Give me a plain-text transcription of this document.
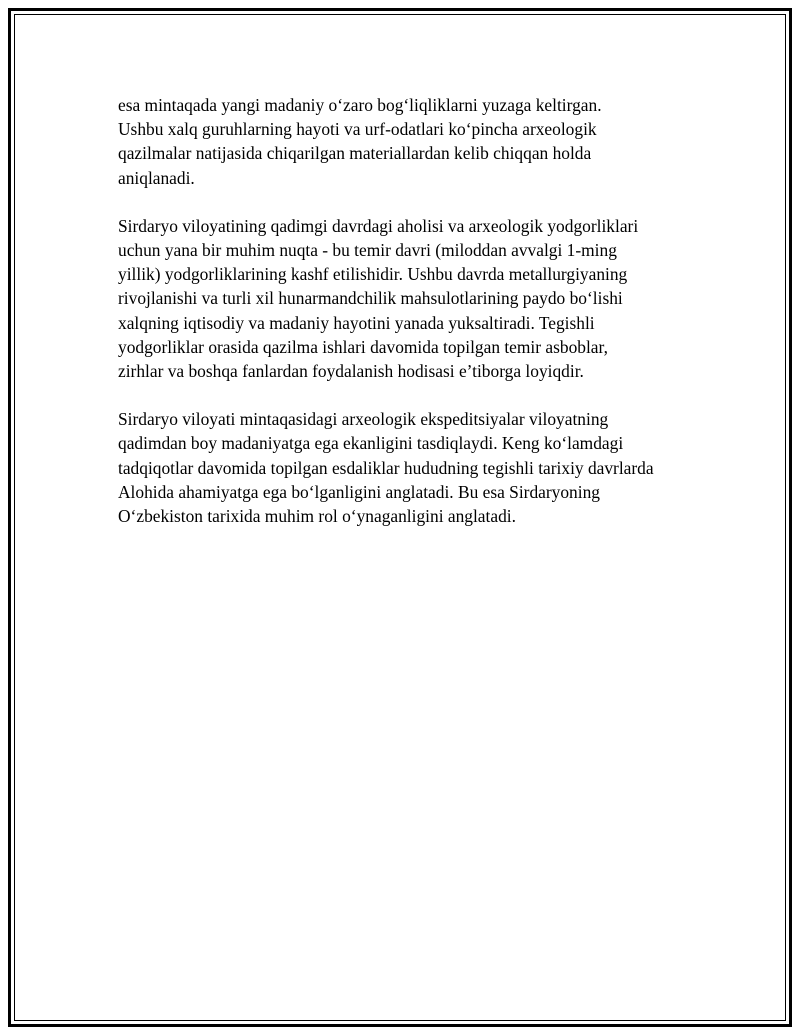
esa mintaqada yangi madaniy o‘zaro bog‘liqliklarni yuzaga keltirgan.
Ushbu xalq guruhlarning hayoti va urf-odatlari ko‘pincha arxeologik
qazilmalar natijasida chiqarilgan materiallardan kelib chiqqan holda
aniqlanadi.
Sirdaryo viloyatining qadimgi davrdagi aholisi va arxeologik yodgorliklari
uchun yana bir muhim nuqta - bu temir davri (miloddan avvalgi 1-ming
yillik) yodgorliklarining kashf etilishidir. Ushbu davrda metallurgiyaning
rivojlanishi va turli xil hunarmandchilik mahsulotlarining paydo bo‘lishi
xalqning iqtisodiy va madaniy hayotini yanada yuksaltiradi. Tegishli
yodgorliklar orasida qazilma ishlari davomida topilgan temir asboblar,
zirhlar va boshqa fanlardan foydalanish hodisasi e’tiborga loyiqdir.
Sirdaryo viloyati mintaqasidagi arxeologik ekspeditsiyalar viloyatning
qadimdan boy madaniyatga ega ekanligini tasdiqlaydi. Keng ko‘lamdagi
tadqiqotlar davomida topilgan esdaliklar hududning tegishli tarixiy davrlarda
Alohida ahamiyatga ega bo‘lganligini anglatadi. Bu esa Sirdaryoning
O‘zbekiston tarixida muhim rol o‘ynaganligini anglatadi.
